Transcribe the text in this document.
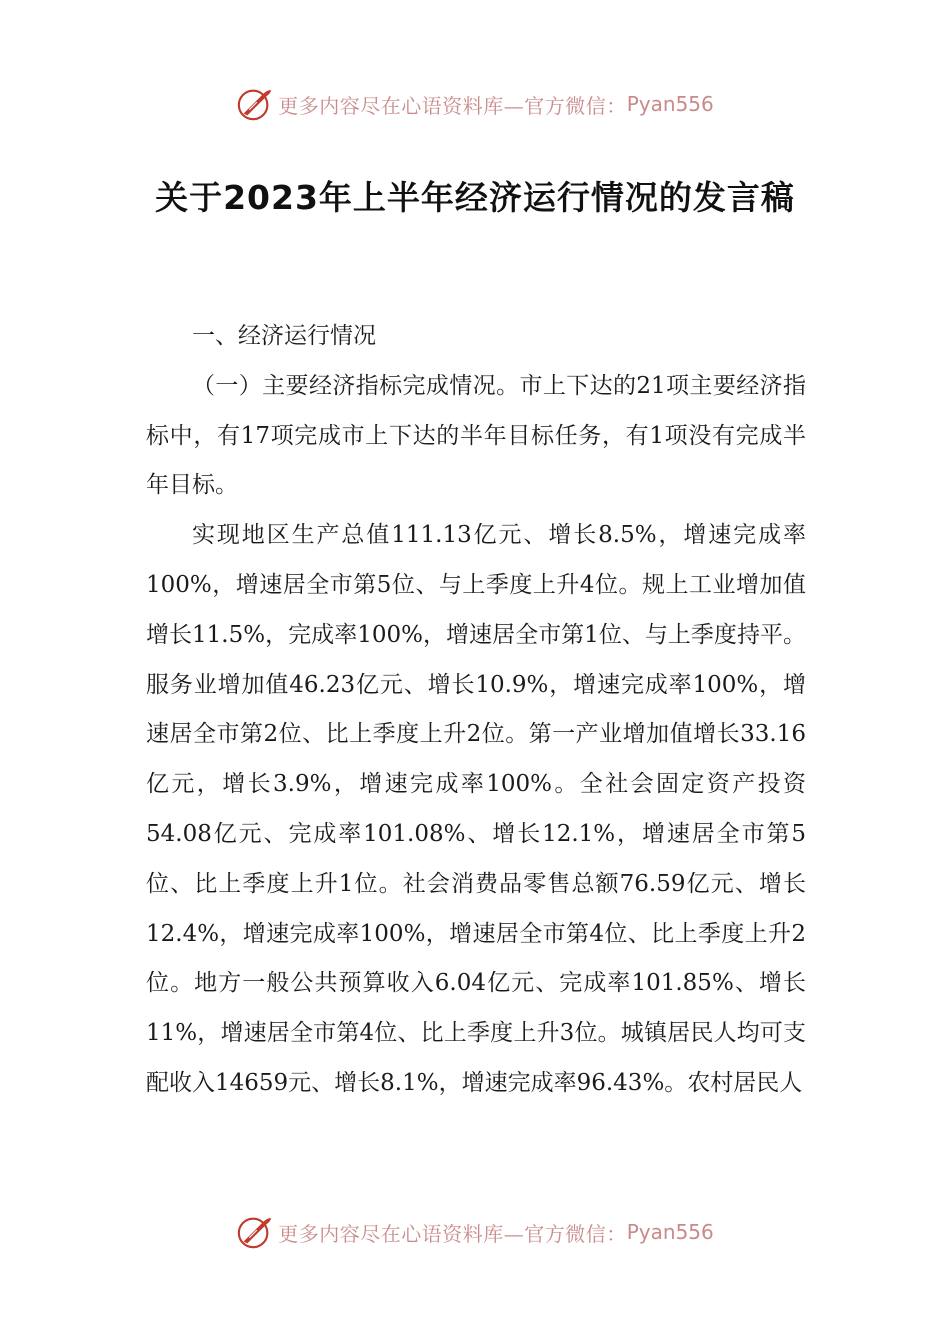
更多内容尽在心语资料库—官方微信： Pyan556
关于2023年上半年经济运行情况的发言稿

一、经济运行情况

（一）主要经济指标完成情况。市上下达的21项主要经济指标中，有17项完成市上下达的半年目标任务，有1项没有完成半年目标。

实现地区生产总值111.13亿元、增长8.5%，增速完成率100%，增速居全市第5位、与上季度上升4位。规上工业增加值增长11.5%，完成率100%，增速居全市第1位、与上季度持平。服务业增加值46.23亿元、增长10.9%，增速完成率100%，增速居全市第2位、比上季度上升2位。第一产业增加值增长33.16亿元，增长3.9%，增速完成率100%。全社会固定资产投资54.08亿元、完成率101.08%、增长12.1%，增速居全市第5位、比上季度上升1位。社会消费品零售总额76.59亿元、增长12.4%，增速完成率100%，增速居全市第4位、比上季度上升2位。地方一般公共预算收入6.04亿元、完成率101.85%、增长11%，增速居全市第4位、比上季度上升3位。城镇居民人均可支配收入14659元、增长8.1%，增速完成率96.43%。农村居民人

更多内容尽在心语资料库—官方微信： Pyan556
